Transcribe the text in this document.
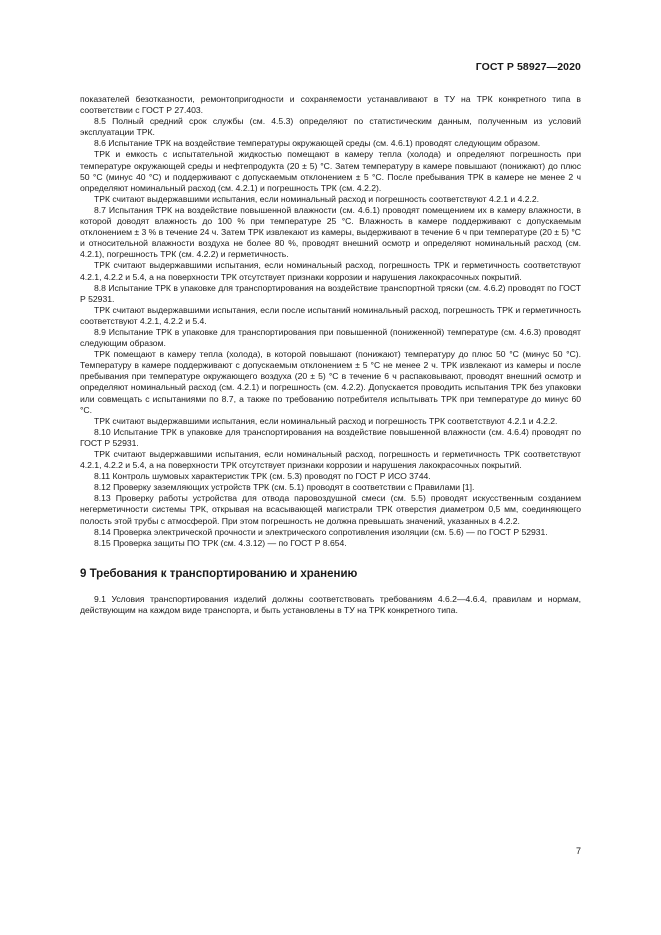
ГОСТ Р 58927—2020

показателей безотказности, ремонтопригодности и сохраняемости устанавливают в ТУ на ТРК конкретного типа в соответствии с ГОСТ Р 27.403.

8.5 Полный средний срок службы (см. 4.5.3) определяют по статистическим данным, полученным из условий эксплуатации ТРК.

8.6 Испытание ТРК на воздействие температуры окружающей среды (см. 4.6.1) проводят следующим образом.

ТРК и емкость с испытательной жидкостью помещают в камеру тепла (холода) и определяют погрешность при температуре окружающей среды и нефтепродукта (20 ± 5) °С. Затем температуру в камере повышают (понижают) до плюс 50 °С (минус 40 °С) и поддерживают с допускаемым отклонением ± 5 °С. После пребывания ТРК в камере не менее 2 ч определяют номинальный расход (см. 4.2.1) и погрешность ТРК (см. 4.2.2).

ТРК считают выдержавшими испытания, если номинальный расход и погрешность соответствуют 4.2.1 и 4.2.2.

8.7 Испытания ТРК на воздействие повышенной влажности (см. 4.6.1) проводят помещением их в камеру влажности, в которой доводят влажность до 100 % при температуре 25 °С. Влажность в камере поддерживают с допускаемым отклонением ± 3 % в течение 24 ч. Затем ТРК извлекают из камеры, выдерживают в течение 6 ч при температуре (20 ± 5) °С и относительной влажности воздуха не более 80 %, проводят внешний осмотр и определяют номинальный расход (см. 4.2.1), погрешность ТРК (см. 4.2.2) и герметичность.

ТРК считают выдержавшими испытания, если номинальный расход, погрешность ТРК и герметичность соответствуют 4.2.1, 4.2.2 и 5.4, а на поверхности ТРК отсутствует признаки коррозии и нарушения лакокрасочных покрытий.

8.8 Испытание ТРК в упаковке для транспортирования на воздействие транспортной тряски (см. 4.6.2) проводят по ГОСТ Р 52931.

ТРК считают выдержавшими испытания, если после испытаний номинальный расход, погрешность ТРК и герметичность соответствуют 4.2.1, 4.2.2 и 5.4.

8.9 Испытание ТРК в упаковке для транспортирования при повышенной (пониженной) температуре (см. 4.6.3) проводят следующим образом.

ТРК помещают в камеру тепла (холода), в которой повышают (понижают) температуру до плюс 50 °С (минус 50 °С). Температуру в камере поддерживают с допускаемым отклонением ± 5 °С не менее 2 ч. ТРК извлекают из камеры и после пребывания при температуре окружающего воздуха (20 ± 5) °С в течение 6 ч распаковывают, проводят внешний осмотр и определяют номинальный расход (см. 4.2.1) и погрешность (см. 4.2.2). Допускается проводить испытания ТРК без упаковки или совмещать с испытаниями по 8.7, а также по требованию потребителя испытывать ТРК при температуре до минус 60 °С.

ТРК считают выдержавшими испытания, если номинальный расход и погрешность ТРК соответствуют 4.2.1 и 4.2.2.

8.10 Испытание ТРК в упаковке для транспортирования на воздействие повышенной влажности (см. 4.6.4) проводят по ГОСТ Р 52931.

ТРК считают выдержавшими испытания, если номинальный расход, погрешность и герметичность ТРК соответствуют 4.2.1, 4.2.2 и 5.4, а на поверхности ТРК отсутствует признаки коррозии и нарушения лакокрасочных покрытий.

8.11 Контроль шумовых характеристик ТРК (см. 5.3) проводят по ГОСТ Р ИСО 3744.

8.12 Проверку заземляющих устройств ТРК (см. 5.1) проводят в соответствии с Правилами [1].

8.13 Проверку работы устройства для отвода паровоздушной смеси (см. 5.5) проводят искусственным созданием негерметичности системы ТРК, открывая на всасывающей магистрали ТРК отверстия диаметром 0,5 мм, соединяющего полость этой трубы с атмосферой. При этом погрешность не должна превышать значений, указанных в 4.2.2.

8.14 Проверка электрической прочности и электрического сопротивления изоляции (см. 5.6) — по ГОСТ Р 52931.

8.15 Проверка защиты ПО ТРК (см. 4.3.12) — по ГОСТ Р 8.654.

9 Требования к транспортированию и хранению

9.1 Условия транспортирования изделий должны соответствовать требованиям 4.6.2—4.6.4, правилам и нормам, действующим на каждом виде транспорта, и быть установлены в ТУ на ТРК конкретного типа.

7
